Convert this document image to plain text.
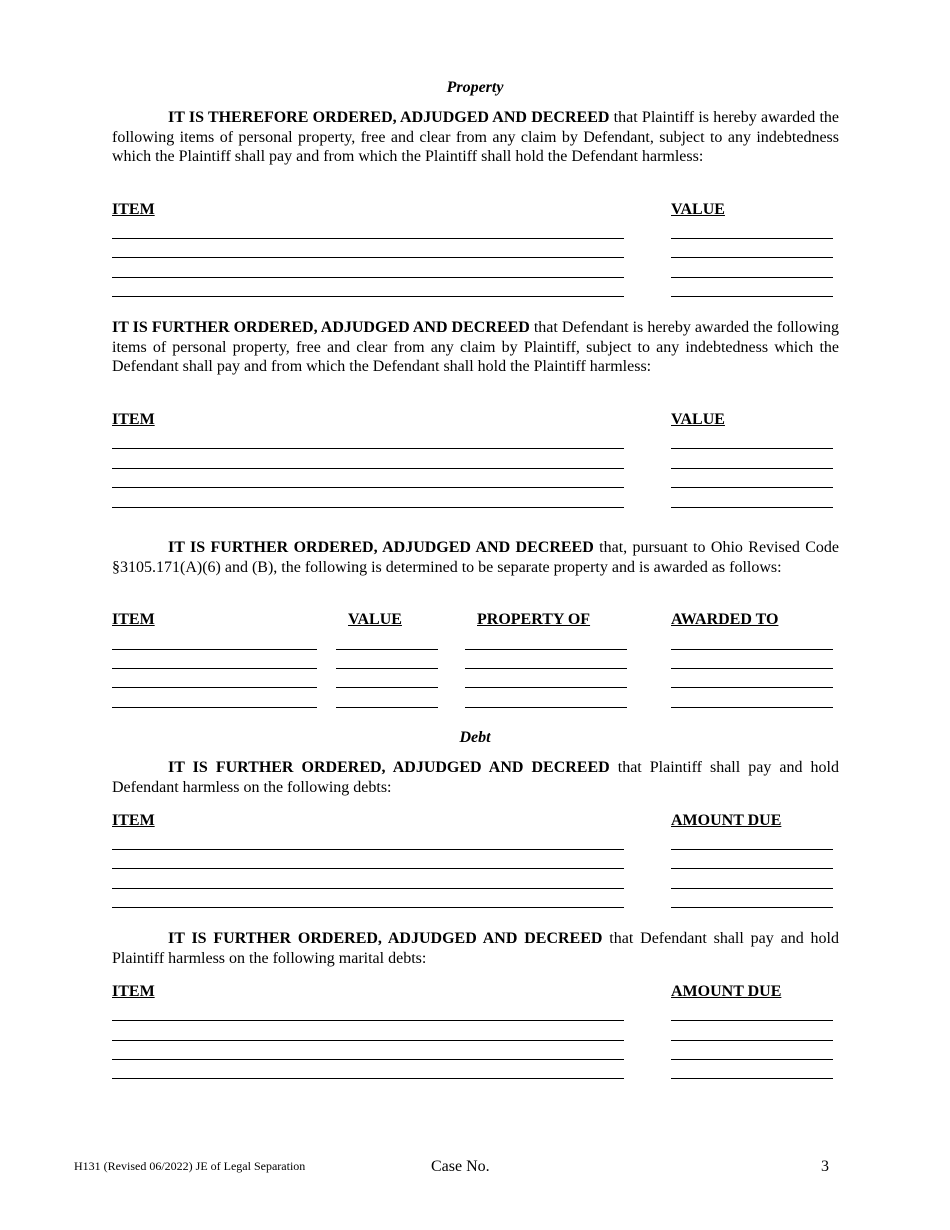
Property
IT IS THEREFORE ORDERED, ADJUDGED AND DECREED that Plaintiff is hereby awarded the following items of personal property, free and clear from any claim by Defendant, subject to any indebtedness which the Plaintiff shall pay and from which the Plaintiff shall hold the Defendant harmless:
ITEM	VALUE
IT IS FURTHER ORDERED, ADJUDGED AND DECREED that Defendant is hereby awarded the following items of personal property, free and clear from any claim by Plaintiff, subject to any indebtedness which the Defendant shall pay and from which the Defendant shall hold the Plaintiff harmless:
ITEM	VALUE
IT IS FURTHER ORDERED, ADJUDGED AND DECREED that, pursuant to Ohio Revised Code §3105.171(A)(6) and (B), the following is determined to be separate property and is awarded as follows:
ITEM	VALUE	PROPERTY OF	AWARDED TO
Debt
IT IS FURTHER ORDERED, ADJUDGED AND DECREED that Plaintiff shall pay and hold Defendant harmless on the following debts:
ITEM	AMOUNT DUE
IT IS FURTHER ORDERED, ADJUDGED AND DECREED that Defendant shall pay and hold Plaintiff harmless on the following marital debts:
ITEM	AMOUNT DUE
H131 (Revised 06/2022) JE of Legal Separation	Case No.	3
